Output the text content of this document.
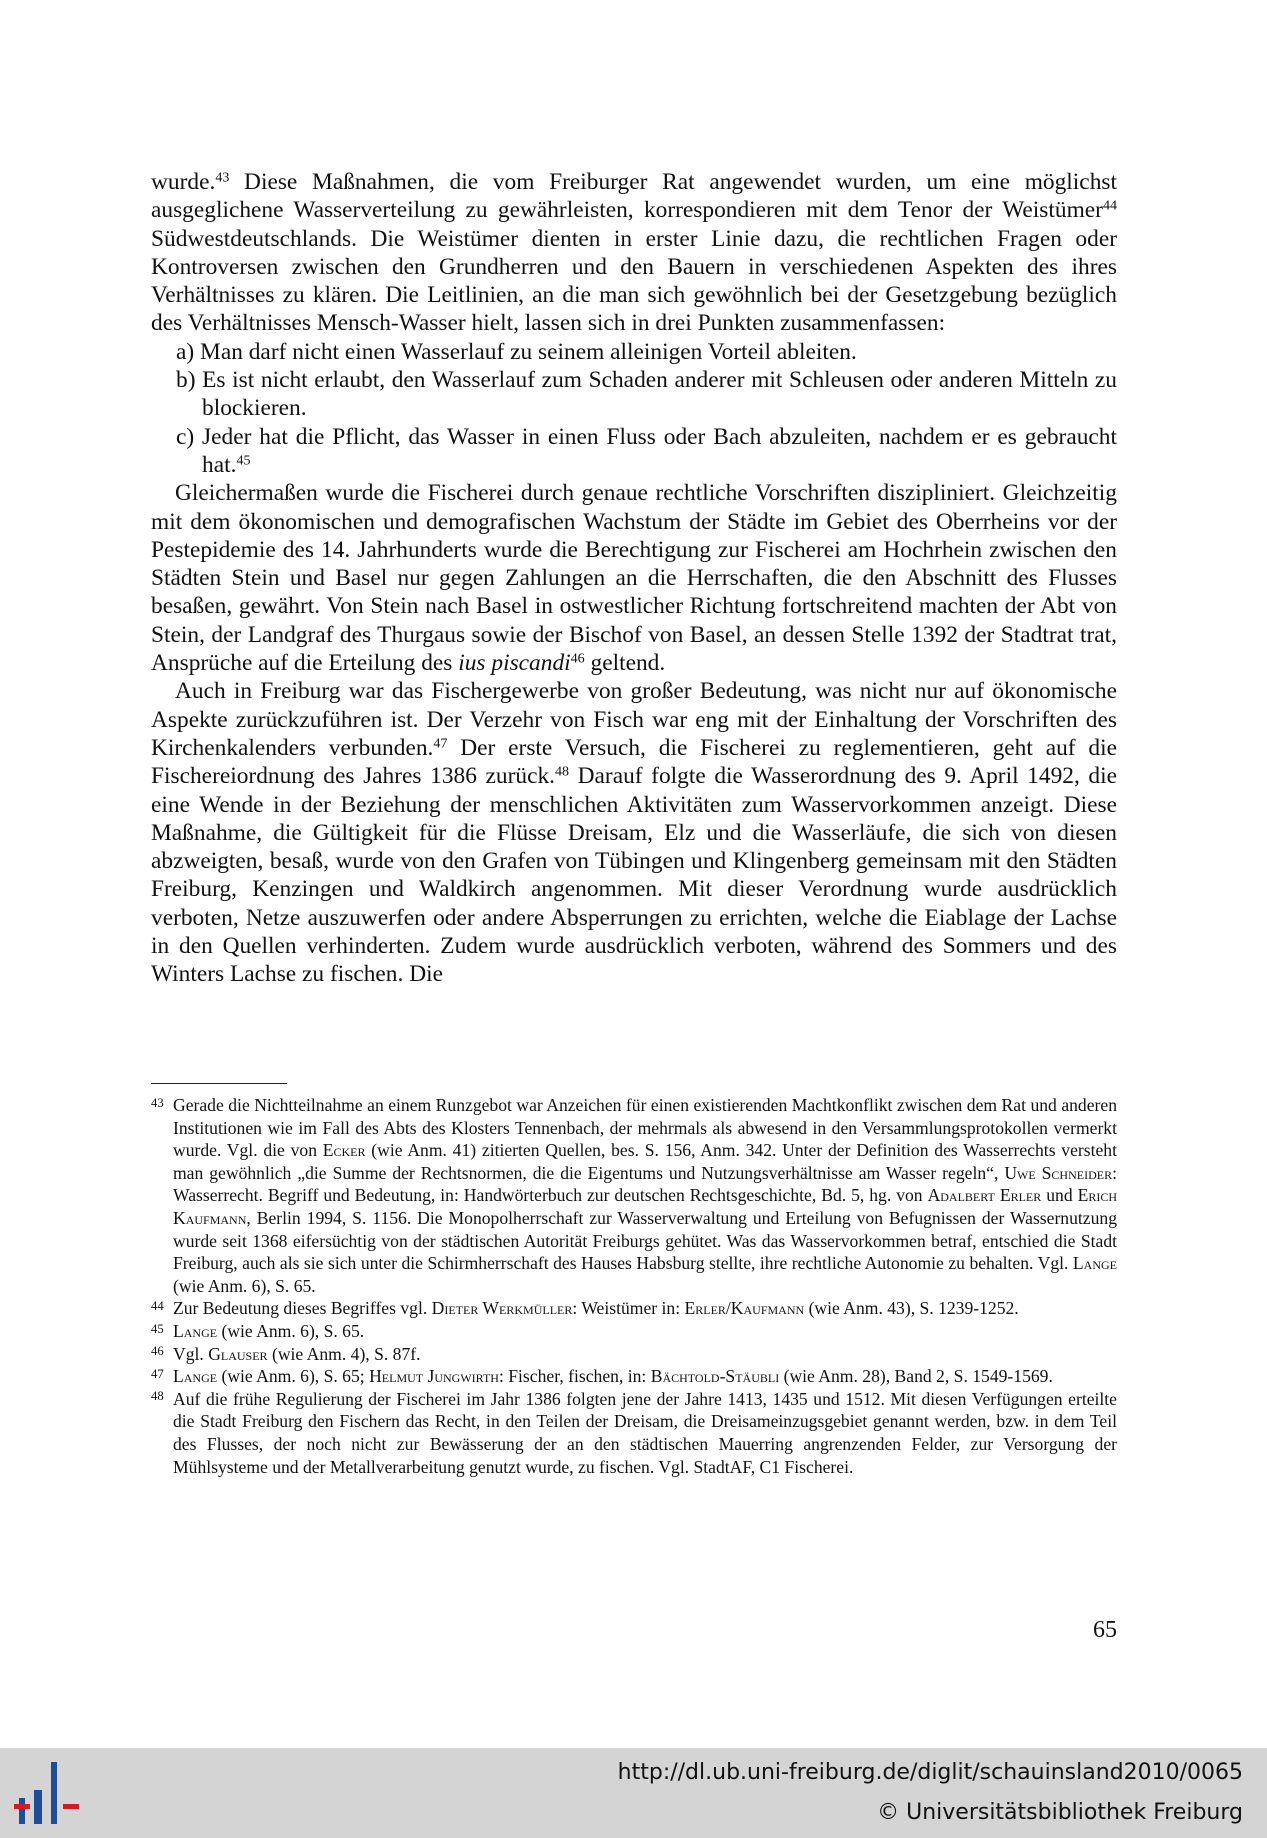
wurde.$^{43}$ Diese Maßnahmen, die vom Freiburger Rat angewendet wurden, um eine möglichst ausgeglichene Wasserverteilung zu gewährleisten, korrespondieren mit dem Tenor der Weistümer$^{44}$ Südwestdeutschlands. Die Weistümer dienten in erster Linie dazu, die rechtlichen Fragen oder Kontroversen zwischen den Grundherren und den Bauern in verschiedenen Aspekten des ihres Verhältnisses zu klären. Die Leitlinien, an die man sich gewöhnlich bei der Gesetzgebung bezüglich des Verhältnisses Mensch-Wasser hielt, lassen sich in drei Punkten zusammenfassen:

a) Man darf nicht einen Wasserlauf zu seinem alleinigen Vorteil ableiten.

b) Es ist nicht erlaubt, den Wasserlauf zum Schaden anderer mit Schleusen oder anderen Mitteln zu blockieren.

c) Jeder hat die Pflicht, das Wasser in einen Fluss oder Bach abzuleiten, nachdem er es gebraucht hat.$^{45}$

Gleichermaßen wurde die Fischerei durch genaue rechtliche Vorschriften diszipliniert. Gleichzeitig mit dem ökonomischen und demografischen Wachstum der Städte im Gebiet des Oberrheins vor der Pestepidemie des 14. Jahrhunderts wurde die Berechtigung zur Fischerei am Hochrhein zwischen den Städten Stein und Basel nur gegen Zahlungen an die Herrschaften, die den Abschnitt des Flusses besaßen, gewährt. Von Stein nach Basel in ostwestlicher Richtung fortschreitend machten der Abt von Stein, der Landgraf des Thurgaus sowie der Bischof von Basel, an dessen Stelle 1392 der Stadtrat trat, Ansprüche auf die Erteilung des ius piscandi$^{46}$ geltend.

Auch in Freiburg war das Fischergewerbe von großer Bedeutung, was nicht nur auf ökonomische Aspekte zurückzuführen ist. Der Verzehr von Fisch war eng mit der Einhaltung der Vorschriften des Kirchenkalenders verbunden.$^{47}$ Der erste Versuch, die Fischerei zu reglementieren, geht auf die Fischereiordnung des Jahres 1386 zurück.$^{48}$ Darauf folgte die Wasserordnung des 9. April 1492, die eine Wende in der Beziehung der menschlichen Aktivitäten zum Wasservorkommen anzeigt. Diese Maßnahme, die Gültigkeit für die Flüsse Dreisam, Elz und die Wasserläufe, die sich von diesen abzweigten, besaß, wurde von den Grafen von Tübingen und Klingenberg gemeinsam mit den Städten Freiburg, Kenzingen und Waldkirch angenommen. Mit dieser Verordnung wurde ausdrücklich verboten, Netze auszuwerfen oder andere Absperrungen zu errichten, welche die Eiablage der Lachse in den Quellen verhinderten. Zudem wurde ausdrücklich verboten, während des Sommers und des Winters Lachse zu fischen. Die

43 Gerade die Nichtteilnahme an einem Runzgebot war Anzeichen für einen existierenden Machtkonflikt zwischen dem Rat und anderen Institutionen wie im Fall des Abts des Klosters Tennenbach, der mehrmals als abwesend in den Versammlungsprotokollen vermerkt wurde. Vgl. die von Ecker (wie Anm. 41) zitierten Quellen, bes. S. 156, Anm. 342. Unter der Definition des Wasserrechts versteht man gewöhnlich „die Summe der Rechtsnormen, die die Eigentums und Nutzungsverhältnisse am Wasser regeln“, Uwe Schneider: Wasserrecht. Begriff und Bedeutung, in: Handwörterbuch zur deutschen Rechtsgeschichte, Bd. 5, hg. von Adalbert Erler und Erich Kaufmann, Berlin 1994, S. 1156. Die Monopolherrschaft zur Wasserverwaltung und Erteilung von Befugnissen der Wassernutzung wurde seit 1368 eifersüchtig von der städtischen Autorität Freiburgs gehütet. Was das Wasservorkommen betraf, entschied die Stadt Freiburg, auch als sie sich unter die Schirmherrschaft des Hauses Habsburg stellte, ihre rechtliche Autonomie zu behalten. Vgl. Lange (wie Anm. 6), S. 65.

44 Zur Bedeutung dieses Begriffes vgl. Dieter Werkmüller: Weistümer in: Erler/Kaufmann (wie Anm. 43), S. 1239-1252.

45 Lange (wie Anm. 6), S. 65.

46 Vgl. Glauser (wie Anm. 4), S. 87f.

47 Lange (wie Anm. 6), S. 65; Helmut Jungwirth: Fischer, fischen, in: Bächtold-Stäubli (wie Anm. 28), Band 2, S. 1549-1569.

48 Auf die frühe Regulierung der Fischerei im Jahr 1386 folgten jene der Jahre 1413, 1435 und 1512. Mit diesen Verfügungen erteilte die Stadt Freiburg den Fischern das Recht, in den Teilen der Dreisam, die Dreisameinzugsgebiet genannt werden, bzw. in dem Teil des Flusses, der noch nicht zur Bewässerung der an den städtischen Mauerring angrenzenden Felder, zur Versorgung der Mühlsysteme und der Metallverarbeitung genutzt wurde, zu fischen. Vgl. StadtAF, C1 Fischerei.

65
http://dl.ub.uni-freiburg.de/diglit/schauinsland2010/0065
© Universitätsbibliothek Freiburg
